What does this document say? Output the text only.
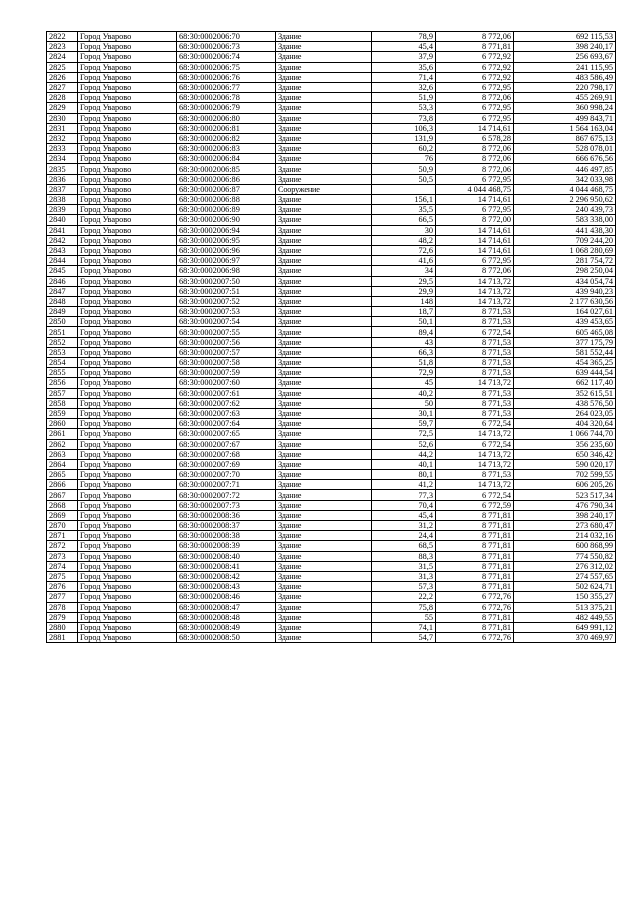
2822	Город Уварово	68:30:0002006:70	Здание	78,9	8 772,06	692 115,53
2823	Город Уварово	68:30:0002006:73	Здание	45,4	8 771,81	398 240,17
2824	Город Уварово	68:30:0002006:74	Здание	37,9	6 772,92	256 693,67
2825	Город Уварово	68:30:0002006:75	Здание	35,6	6 772,92	241 115,95
2826	Город Уварово	68:30:0002006:76	Здание	71,4	6 772,92	483 586,49
2827	Город Уварово	68:30:0002006:77	Здание	32,6	6 772,95	220 798,17
2828	Город Уварово	68:30:0002006:78	Здание	51,9	8 772,06	455 269,91
2829	Город Уварово	68:30:0002006:79	Здание	53,3	6 772,95	360 998,24
2830	Город Уварово	68:30:0002006:80	Здание	73,8	6 772,95	499 843,71
2831	Город Уварово	68:30:0002006:81	Здание	106,3	14 714,61	1 564 163,04
2832	Город Уварово	68:30:0002006:82	Здание	131,9	6 578,28	867 675,13
2833	Город Уварово	68:30:0002006:83	Здание	60,2	8 772,06	528 078,01
2834	Город Уварово	68:30:0002006:84	Здание	76	8 772,06	666 676,56
2835	Город Уварово	68:30:0002006:85	Здание	50,9	8 772,06	446 497,85
2836	Город Уварово	68:30:0002006:86	Здание	50,5	6 772,95	342 033,98
2837	Город Уварово	68:30:0002006:87	Сооружение		4 044 468,75	4 044 468,75
2838	Город Уварово	68:30:0002006:88	Здание	156,1	14 714,61	2 296 950,62
2839	Город Уварово	68:30:0002006:89	Здание	35,5	6 772,95	240 439,73
2840	Город Уварово	68:30:0002006:90	Здание	66,5	8 772,00	583 338,00
2841	Город Уварово	68:30:0002006:94	Здание	30	14 714,61	441 438,30
2842	Город Уварово	68:30:0002006:95	Здание	48,2	14 714,61	709 244,20
2843	Город Уварово	68:30:0002006:96	Здание	72,6	14 714,61	1 068 280,69
2844	Город Уварово	68:30:0002006:97	Здание	41,6	6 772,95	281 754,72
2845	Город Уварово	68:30:0002006:98	Здание	34	8 772,06	298 250,04
2846	Город Уварово	68:30:0002007:50	Здание	29,5	14 713,72	434 054,74
2847	Город Уварово	68:30:0002007:51	Здание	29,9	14 713,72	439 940,23
2848	Город Уварово	68:30:0002007:52	Здание	148	14 713,72	2 177 630,56
2849	Город Уварово	68:30:0002007:53	Здание	18,7	8 771,53	164 027,61
2850	Город Уварово	68:30:0002007:54	Здание	50,1	8 771,53	439 453,65
2851	Город Уварово	68:30:0002007:55	Здание	89,4	6 772,54	605 465,08
2852	Город Уварово	68:30:0002007:56	Здание	43	8 771,53	377 175,79
2853	Город Уварово	68:30:0002007:57	Здание	66,3	8 771,53	581 552,44
2854	Город Уварово	68:30:0002007:58	Здание	51,8	8 771,53	454 365,25
2855	Город Уварово	68:30:0002007:59	Здание	72,9	8 771,53	639 444,54
2856	Город Уварово	68:30:0002007:60	Здание	45	14 713,72	662 117,40
2857	Город Уварово	68:30:0002007:61	Здание	40,2	8 771,53	352 615,51
2858	Город Уварово	68:30:0002007:62	Здание	50	8 771,53	438 576,50
2859	Город Уварово	68:30:0002007:63	Здание	30,1	8 771,53	264 023,05
2860	Город Уварово	68:30:0002007:64	Здание	59,7	6 772,54	404 320,64
2861	Город Уварово	68:30:0002007:65	Здание	72,5	14 713,72	1 066 744,70
2862	Город Уварово	68:30:0002007:67	Здание	52,6	6 772,54	356 235,60
2863	Город Уварово	68:30:0002007:68	Здание	44,2	14 713,72	650 346,42
2864	Город Уварово	68:30:0002007:69	Здание	40,1	14 713,72	590 020,17
2865	Город Уварово	68:30:0002007:70	Здание	80,1	8 771,53	702 599,55
2866	Город Уварово	68:30:0002007:71	Здание	41,2	14 713,72	606 205,26
2867	Город Уварово	68:30:0002007:72	Здание	77,3	6 772,54	523 517,34
2868	Город Уварово	68:30:0002007:73	Здание	70,4	6 772,59	476 790,34
2869	Город Уварово	68:30:0002008:36	Здание	45,4	8 771,81	398 240,17
2870	Город Уварово	68:30:0002008:37	Здание	31,2	8 771,81	273 680,47
2871	Город Уварово	68:30:0002008:38	Здание	24,4	8 771,81	214 032,16
2872	Город Уварово	68:30:0002008:39	Здание	68,5	8 771,81	600 868,99
2873	Город Уварово	68:30:0002008:40	Здание	88,3	8 771,81	774 550,82
2874	Город Уварово	68:30:0002008:41	Здание	31,5	8 771,81	276 312,02
2875	Город Уварово	68:30:0002008:42	Здание	31,3	8 771,81	274 557,65
2876	Город Уварово	68:30:0002008:43	Здание	57,3	8 771,81	502 624,71
2877	Город Уварово	68:30:0002008:46	Здание	22,2	6 772,76	150 355,27
2878	Город Уварово	68:30:0002008:47	Здание	75,8	6 772,76	513 375,21
2879	Город Уварово	68:30:0002008:48	Здание	55	8 771,81	482 449,55
2880	Город Уварово	68:30:0002008:49	Здание	74,1	8 771,81	649 991,12
2881	Город Уварово	68:30:0002008:50	Здание	54,7	6 772,76	370 469,97
